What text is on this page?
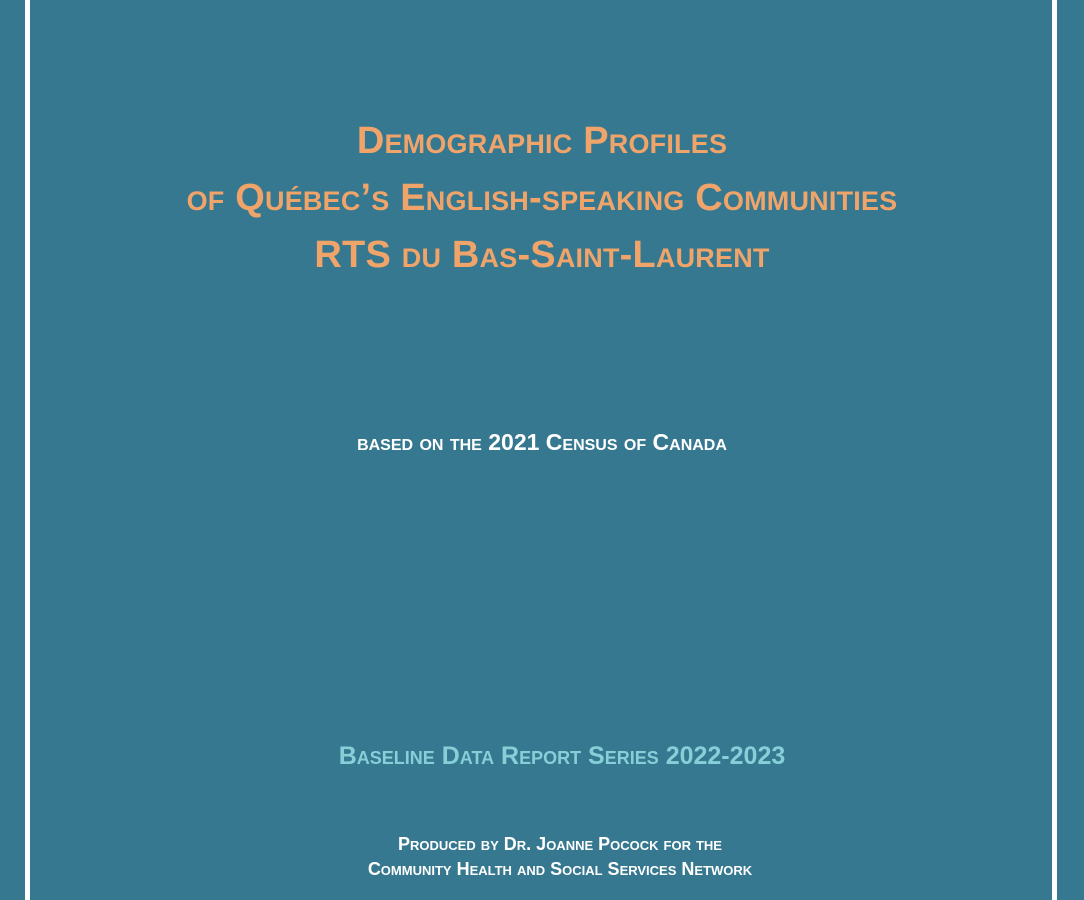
Demographic Profiles
of Québec’s English-speaking Communities
RTS du Bas-Saint-Laurent
based on the 2021 Census of Canada
Baseline Data Report Series 2022-2023
Produced by Dr. Joanne Pocock for the
Community Health and Social Services Network
